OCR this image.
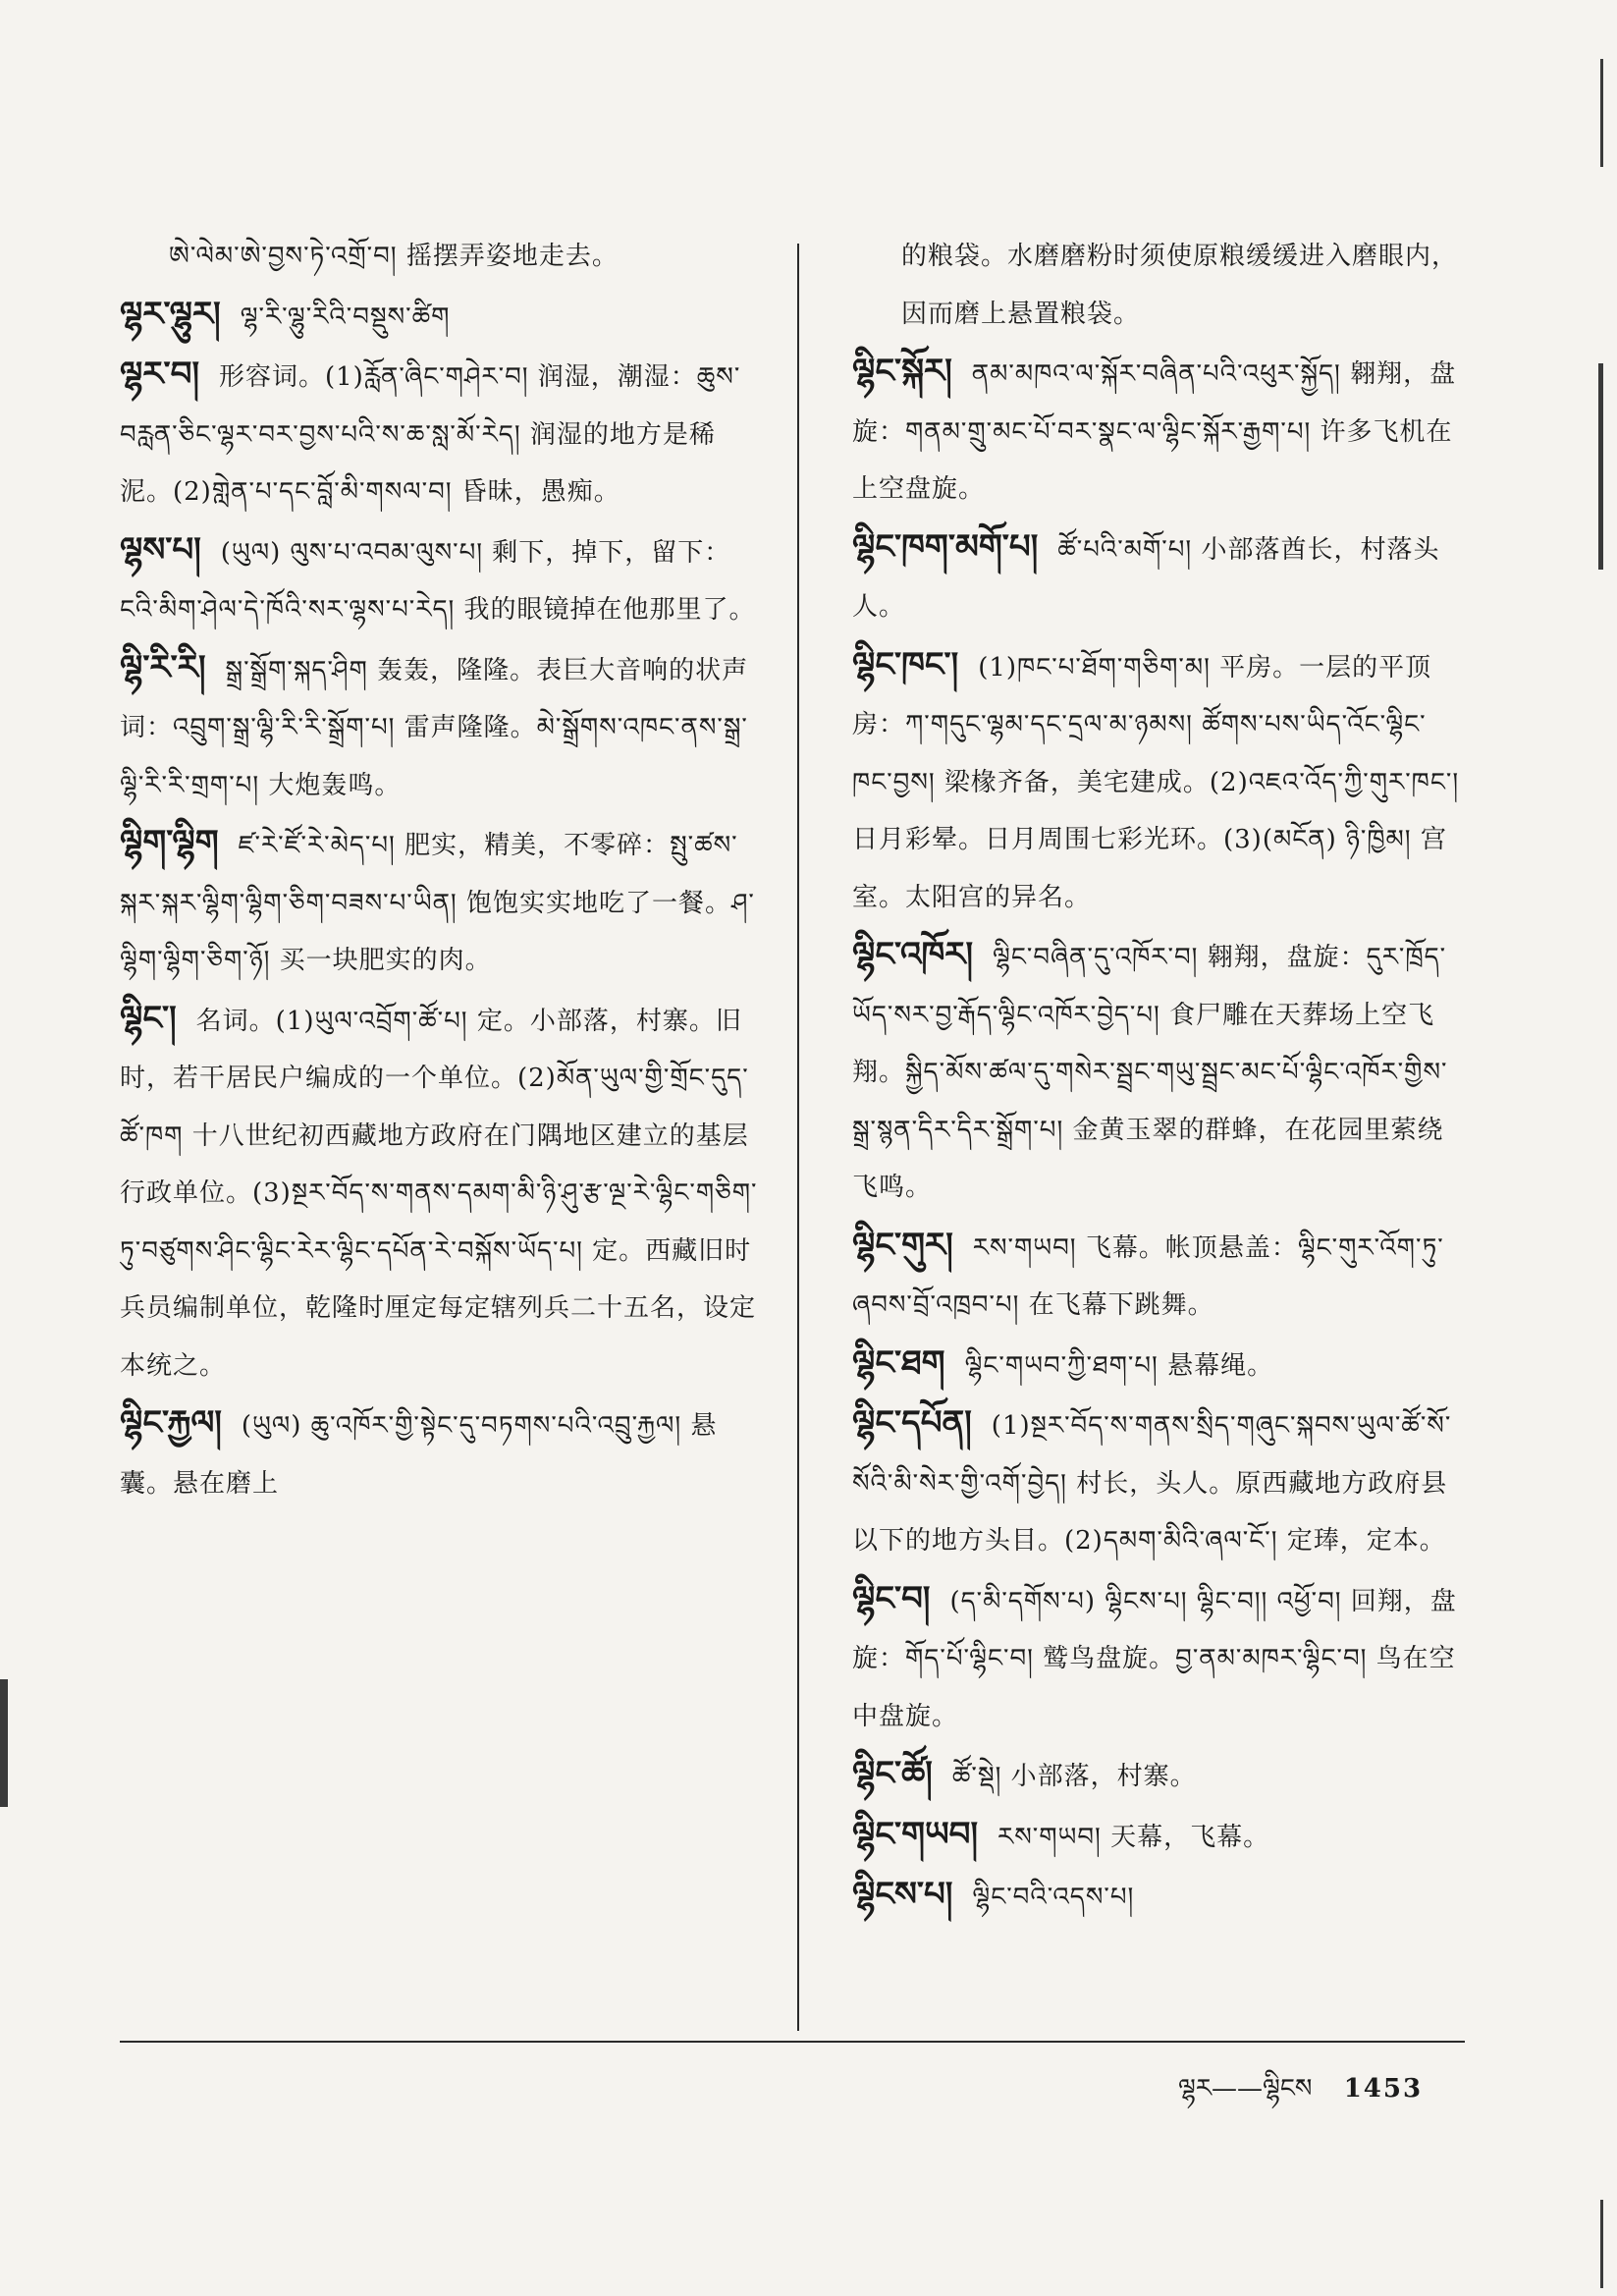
ཨེ་ལེམ་ཨེ་བྱས་ཏེ་འགྲོ་བ། 摇摆弄姿地走去。

ལྷར་ལྷུར། ལྷ་རི་ལྷུ་རིའི་བསྡུས་ཚིག

ལྷར་བ། 形容词。(1)རློན་ཞིང་གཤེར་བ། 润湿，潮湿：ཆུས་བརླན་ཅིང་ལྷར་བར་བྱས་པའི་ས་ཆ་སླ་མོ་རེད། 润湿的地方是稀泥。(2)གླེན་པ་དང་བློ་མི་གསལ་བ། 昏昧，愚痴。

ལྷས་པ། (ཡུལ) ལུས་པ་འབམ་ལུས་པ། 剩下，掉下，留下：ངའི་མིག་ཤེལ་དེ་ཁོའི་སར་ལྷས་པ་རེད། 我的眼镜掉在他那里了。

ལྷི་རི་རི། སྒྲ་སྒྲོག་སྐད་ཤིག 轰轰，隆隆。表巨大音响的状声词：འབྲུག་སྒྲ་ལྷི་རི་རི་སྒྲོག་པ། 雷声隆隆。མེ་སྒྲོགས་འཁང་ནས་སྒྲ་ལྷི་རི་རི་གྲག་པ། 大炮轰鸣。

ལྷིག་ལྷིག ཛ་རེ་ཛོ་རེ་མེད་པ། 肥实，精美，不零碎：སྤུ་ཚས་སྐར་སྐར་ལྷིག་ལྷིག་ཅིག་བཟས་པ་ཡིན། 饱饱实实地吃了一餐。ཤ་ལྷིག་ལྷིག་ཅིག་ཉོ། 买一块肥实的肉。

ལྷིང་། 名词。(1)ཡུལ་འབྲོག་ཚོ་པ། 定。小部落，村寨。旧时，若干居民户编成的一个单位。(2)མོན་ཡུལ་གྱི་གྲོང་དུད་ཚོ་ཁག 十八世纪初西藏地方政府在门隅地区建立的基层行政单位。(3)སྔར་བོད་ས་གནས་དམག་མི་ཉི་ཤུ་རྩ་ལྔ་རེ་ལྷིང་གཅིག་ཏུ་བཙུགས་ཤིང་ལྷིང་རེར་ལྷིང་དཔོན་རེ་བསྐོས་ཡོད་པ། 定。西藏旧时兵员编制单位，乾隆时厘定每定辖列兵二十五名，设定本统之。

ལྷིང་རྐྱལ། (ཡུལ) ཆུ་འཁོར་གྱི་སྟེང་དུ་བཏགས་པའི་འབྲུ་རྐྱལ། 悬囊。悬在磨上

的粮袋。水磨磨粉时须使原粮缓缓进入磨眼内，因而磨上悬置粮袋。

ལྷིང་སྐོར། ནམ་མཁའ་ལ་སྐོར་བཞིན་པའི་འཕུར་སྐྱོད། 翱翔，盘旋：གནམ་གྲུ་མང་པོ་བར་སྣང་ལ་ལྷིང་སྐོར་རྒྱག་པ། 许多飞机在上空盘旋。

ལྷིང་ཁག་མགོ་པ། ཚོ་པའི་མགོ་པ། 小部落酋长，村落头人。

ལྷིང་ཁང་། (1)ཁང་པ་ཐོག་གཅིག་མ། 平房。一层的平顶房：ཀ་གདུང་ལྷམ་དང་དྲལ་མ་ཉམས། ཚོགས་པས་ཡིད་འོང་ལྷིང་ཁང་བྱས། 梁椽齐备，美宅建成。(2)འཇའ་འོད་ཀྱི་གུར་ཁང་། 日月彩晕。日月周围七彩光环。(3)(མངོན) ཉི་ཁྱིམ། 宫室。太阳宫的异名。

ལྷིང་འཁོར། ལྷིང་བཞིན་དུ་འཁོར་བ། 翱翔，盘旋：དུར་ཁྲོད་ཡོད་སར་བྱ་རྒོད་ལྷིང་འཁོར་བྱེད་པ། 食尸雕在天葬场上空飞翔。སྐྱིད་མོས་ཚལ་དུ་གསེར་སྦྲང་གཡུ་སྦྲང་མང་པོ་ལྷིང་འཁོར་གྱིས་སྒྲ་སྙན་དིར་དིར་སྒྲོག་པ། 金黄玉翠的群蜂，在花园里萦绕飞鸣。

ལྷིང་གུར། རས་གཡབ། 飞幕。帐顶悬盖：ལྷིང་གུར་འོག་ཏུ་ཞབས་བྲོ་འཁྲབ་པ། 在飞幕下跳舞。

ལྷིང་ཐག ལྷིང་གཡབ་ཀྱི་ཐག་པ། 悬幕绳。

ལྷིང་དཔོན། (1)སྔར་བོད་ས་གནས་སྲིད་གཞུང་སྐབས་ཡུལ་ཚོ་སོ་སོའི་མི་སེར་གྱི་འགོ་བྱེད། 村长，头人。原西藏地方政府县以下的地方头目。(2)དམག་མིའི་ཞལ་ངོ་། 定琫，定本。

ལྷིང་བ། (ད་མི་དགོས་པ) ལྷིངས་པ། ལྷིང་བ།། འཕྱོ་བ། 回翔，盘旋：གོད་པོ་ལྷིང་བ། 鹫鸟盘旋。བྱ་ནམ་མཁར་ལྷིང་བ། 鸟在空中盘旋。

ལྷིང་ཚོ། ཚོ་སྡེ། 小部落，村寨。

ལྷིང་གཡབ། རས་གཡབ། 天幕，飞幕。

ལྷིངས་པ། ལྷིང་བའི་འདས་པ།

ལྷར——ལྷིངས 1453
